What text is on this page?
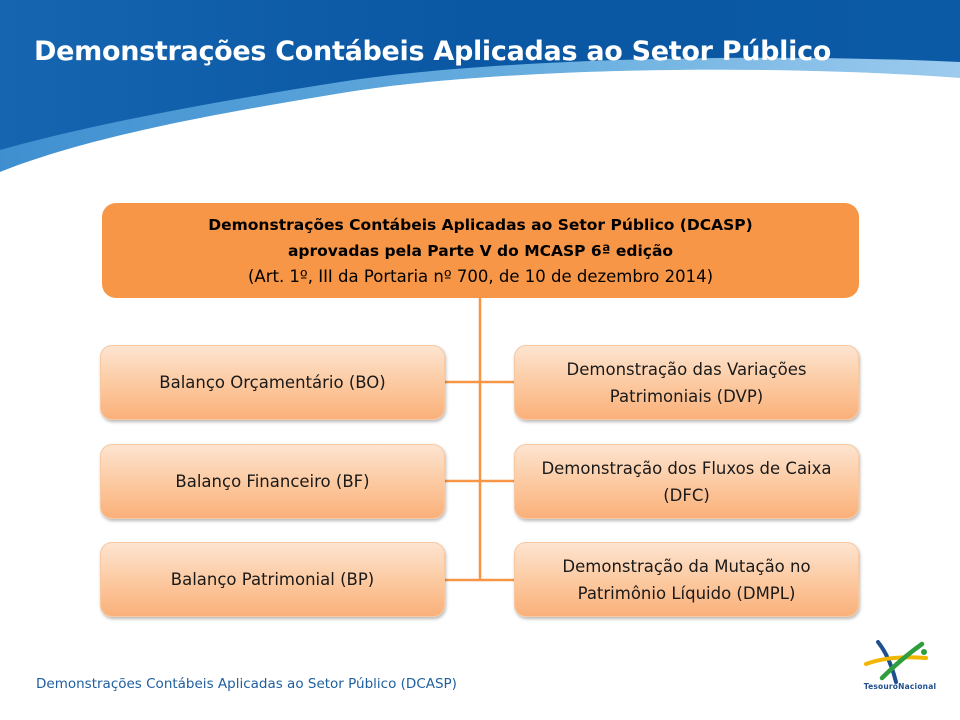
Demonstrações Contábeis Aplicadas ao Setor Público
Demonstrações Contábeis Aplicadas ao Setor Público (DCASP)
aprovadas pela Parte V do MCASP 6ª edição
(Art. 1º, III da Portaria nº 700, de 10 de dezembro 2014)
Balanço Orçamentário (BO)
Balanço Financeiro (BF)
Balanço Patrimonial (BP)
Demonstração das Variações Patrimoniais (DVP)
Demonstração dos Fluxos de Caixa (DFC)
Demonstração da Mutação no Patrimônio Líquido (DMPL)
Demonstrações Contábeis Aplicadas ao Setor Público (DCASP)	TesouroNacional
